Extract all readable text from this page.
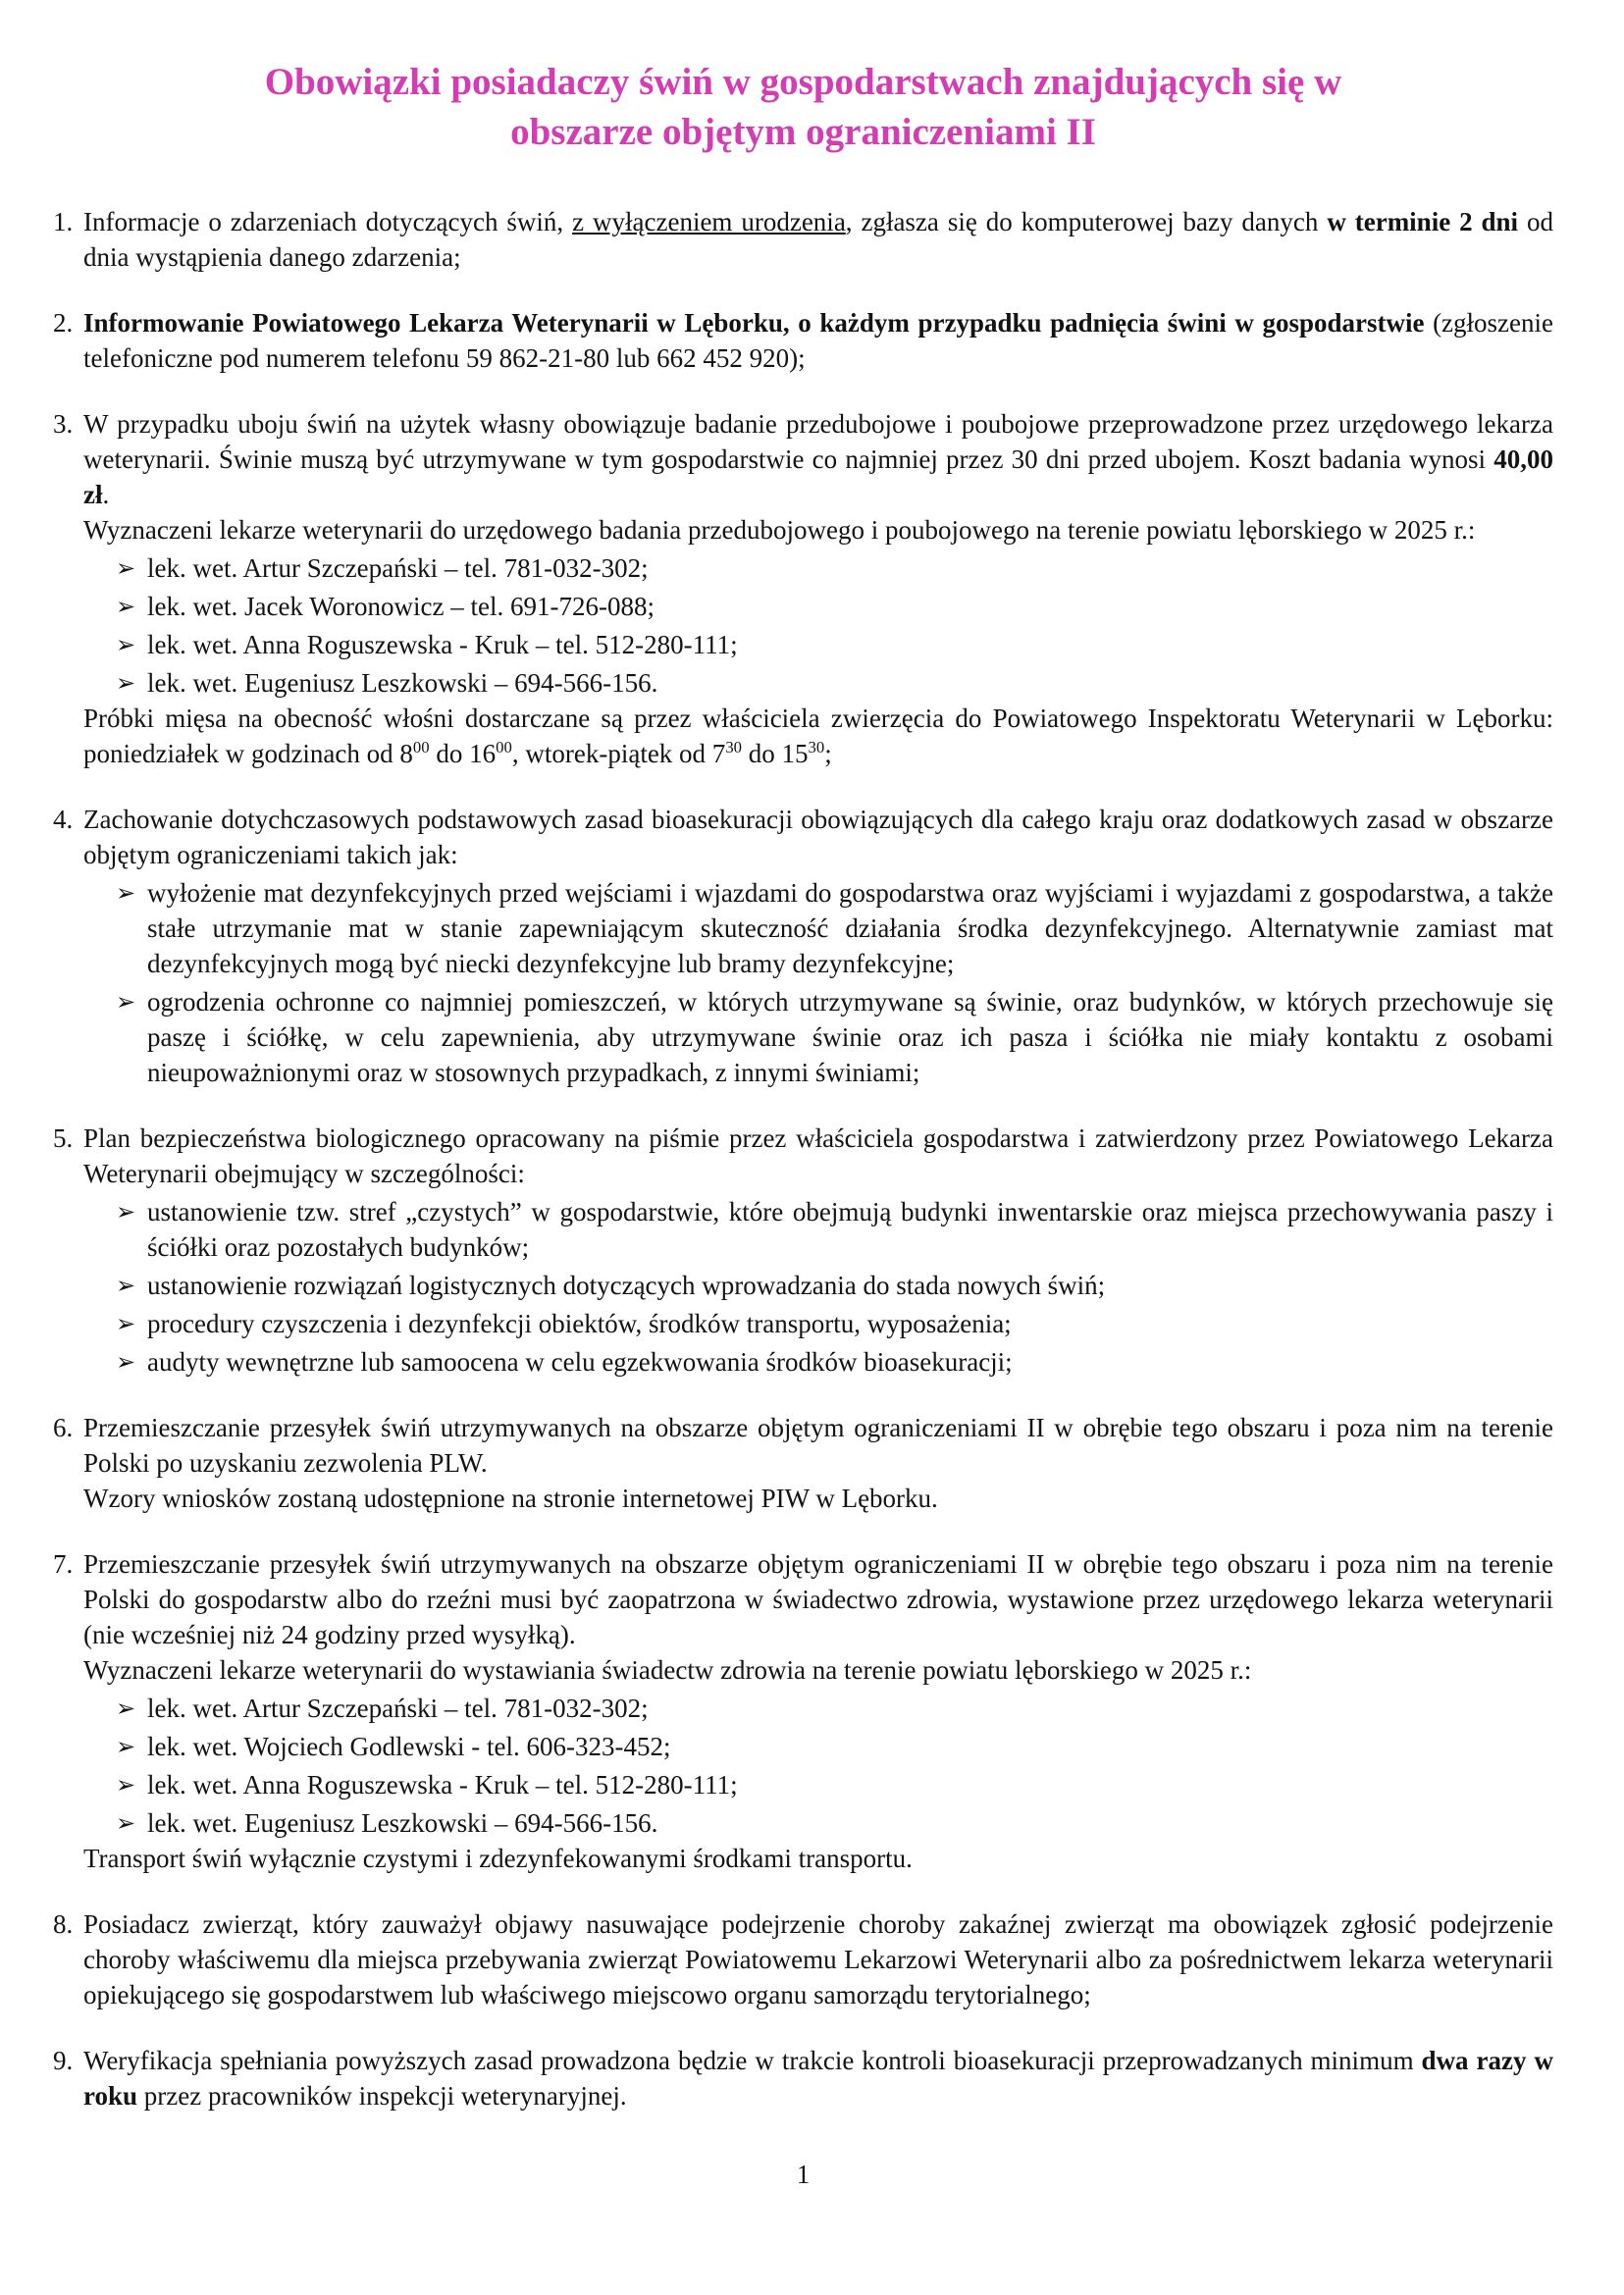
Obowiązki posiadaczy świń w gospodarstwach znajdujących się w
obszarze objętym ograniczeniami II
1. Informacje o zdarzeniach dotyczących świń, z wyłączeniem urodzenia, zgłasza się do komputerowej bazy danych w terminie 2 dni od dnia wystąpienia danego zdarzenia;

2. Informowanie Powiatowego Lekarza Weterynarii w Lęborku, o każdym przypadku padnięcia świni w gospodarstwie (zgłoszenie telefoniczne pod numerem telefonu 59 862-21-80 lub 662 452 920);

3. W przypadku uboju świń na użytek własny obowiązuje badanie przedubojowe i poubojowe przeprowadzone przez urzędowego lekarza weterynarii. Świnie muszą być utrzymywane w tym gospodarstwie co najmniej przez 30 dni przed ubojem. Koszt badania wynosi 40,00 zł.

Wyznaczeni lekarze weterynarii do urzędowego badania przedubojowego i poubojowego na terenie powiatu lęborskiego w 2025 r.:

➢ lek. wet. Artur Szczepański – tel. 781-032-302;
➢ lek. wet. Jacek Woronowicz – tel. 691-726-088;
➢ lek. wet. Anna Roguszewska - Kruk – tel. 512-280-111;
➢ lek. wet. Eugeniusz Leszkowski – 694-566-156.

Próbki mięsa na obecność włośni dostarczane są przez właściciela zwierzęcia do Powiatowego Inspektoratu Weterynarii w Lęborku: poniedziałek w godzinach od $8^{00}$ do $16^{00}$, wtorek-piątek od $7^{30}$ do $15^{30}$;

4. Zachowanie dotychczasowych podstawowych zasad bioasekuracji obowiązujących dla całego kraju oraz dodatkowych zasad w obszarze objętym ograniczeniami takich jak:

➢ wyłożenie mat dezynfekcyjnych przed wejściami i wjazdami do gospodarstwa oraz wyjściami i wyjazdami z gospodarstwa, a także stałe utrzymanie mat w stanie zapewniającym skuteczność działania środka dezynfekcyjnego. Alternatywnie zamiast mat dezynfekcyjnych mogą być niecki dezynfekcyjne lub bramy dezynfekcyjne;
➢ ogrodzenia ochronne co najmniej pomieszczeń, w których utrzymywane są świnie, oraz budynków, w których przechowuje się paszę i ściółkę, w celu zapewnienia, aby utrzymywane świnie oraz ich pasza i ściółka nie miały kontaktu z osobami nieupoważnionymi oraz w stosownych przypadkach, z innymi świniami;
5. Plan bezpieczeństwa biologicznego opracowany na piśmie przez właściciela gospodarstwa i zatwierdzony przez Powiatowego Lekarza Weterynarii obejmujący w szczególności:

➢ ustanowienie tzw. stref „czystych” w gospodarstwie, które obejmują budynki inwentarskie oraz miejsca przechowywania paszy i ściółki oraz pozostałych budynków;
➢ ustanowienie rozwiązań logistycznych dotyczących wprowadzania do stada nowych świń;
➢ procedury czyszczenia i dezynfekcji obiektów, środków transportu, wyposażenia;
➢ audyty wewnętrzne lub samoocena w celu egzekwowania środków bioasekuracji;
6. Przemieszczanie przesyłek świń utrzymywanych na obszarze objętym ograniczeniami II w obrębie tego obszaru i poza nim na terenie Polski po uzyskaniu zezwolenia PLW.

Wzory wniosków zostaną udostępnione na stronie internetowej PIW w Lęborku.

7. Przemieszczanie przesyłek świń utrzymywanych na obszarze objętym ograniczeniami II w obrębie tego obszaru i poza nim na terenie Polski do gospodarstw albo do rzeźni musi być zaopatrzona w świadectwo zdrowia, wystawione przez urzędowego lekarza weterynarii (nie wcześniej niż 24 godziny przed wysyłką).

Wyznaczeni lekarze weterynarii do wystawiania świadectw zdrowia na terenie powiatu lęborskiego w 2025 r.:

➢ lek. wet. Artur Szczepański – tel. 781-032-302;
➢ lek. wet. Wojciech Godlewski - tel. 606-323-452;
➢ lek. wet. Anna Roguszewska - Kruk – tel. 512-280-111;
➢ lek. wet. Eugeniusz Leszkowski – 694-566-156.

Transport świń wyłącznie czystymi i zdezynfekowanymi środkami transportu.

8. Posiadacz zwierząt, który zauważył objawy nasuwające podejrzenie choroby zakaźnej zwierząt ma obowiązek zgłosić podejrzenie choroby właściwemu dla miejsca przebywania zwierząt Powiatowemu Lekarzowi Weterynarii albo za pośrednictwem lekarza weterynarii opiekującego się gospodarstwem lub właściwego miejscowo organu samorządu terytorialnego;

9. Weryfikacja spełniania powyższych zasad prowadzona będzie w trakcie kontroli bioasekuracji przeprowadzanych minimum dwa razy w roku przez pracowników inspekcji weterynaryjnej.

1
